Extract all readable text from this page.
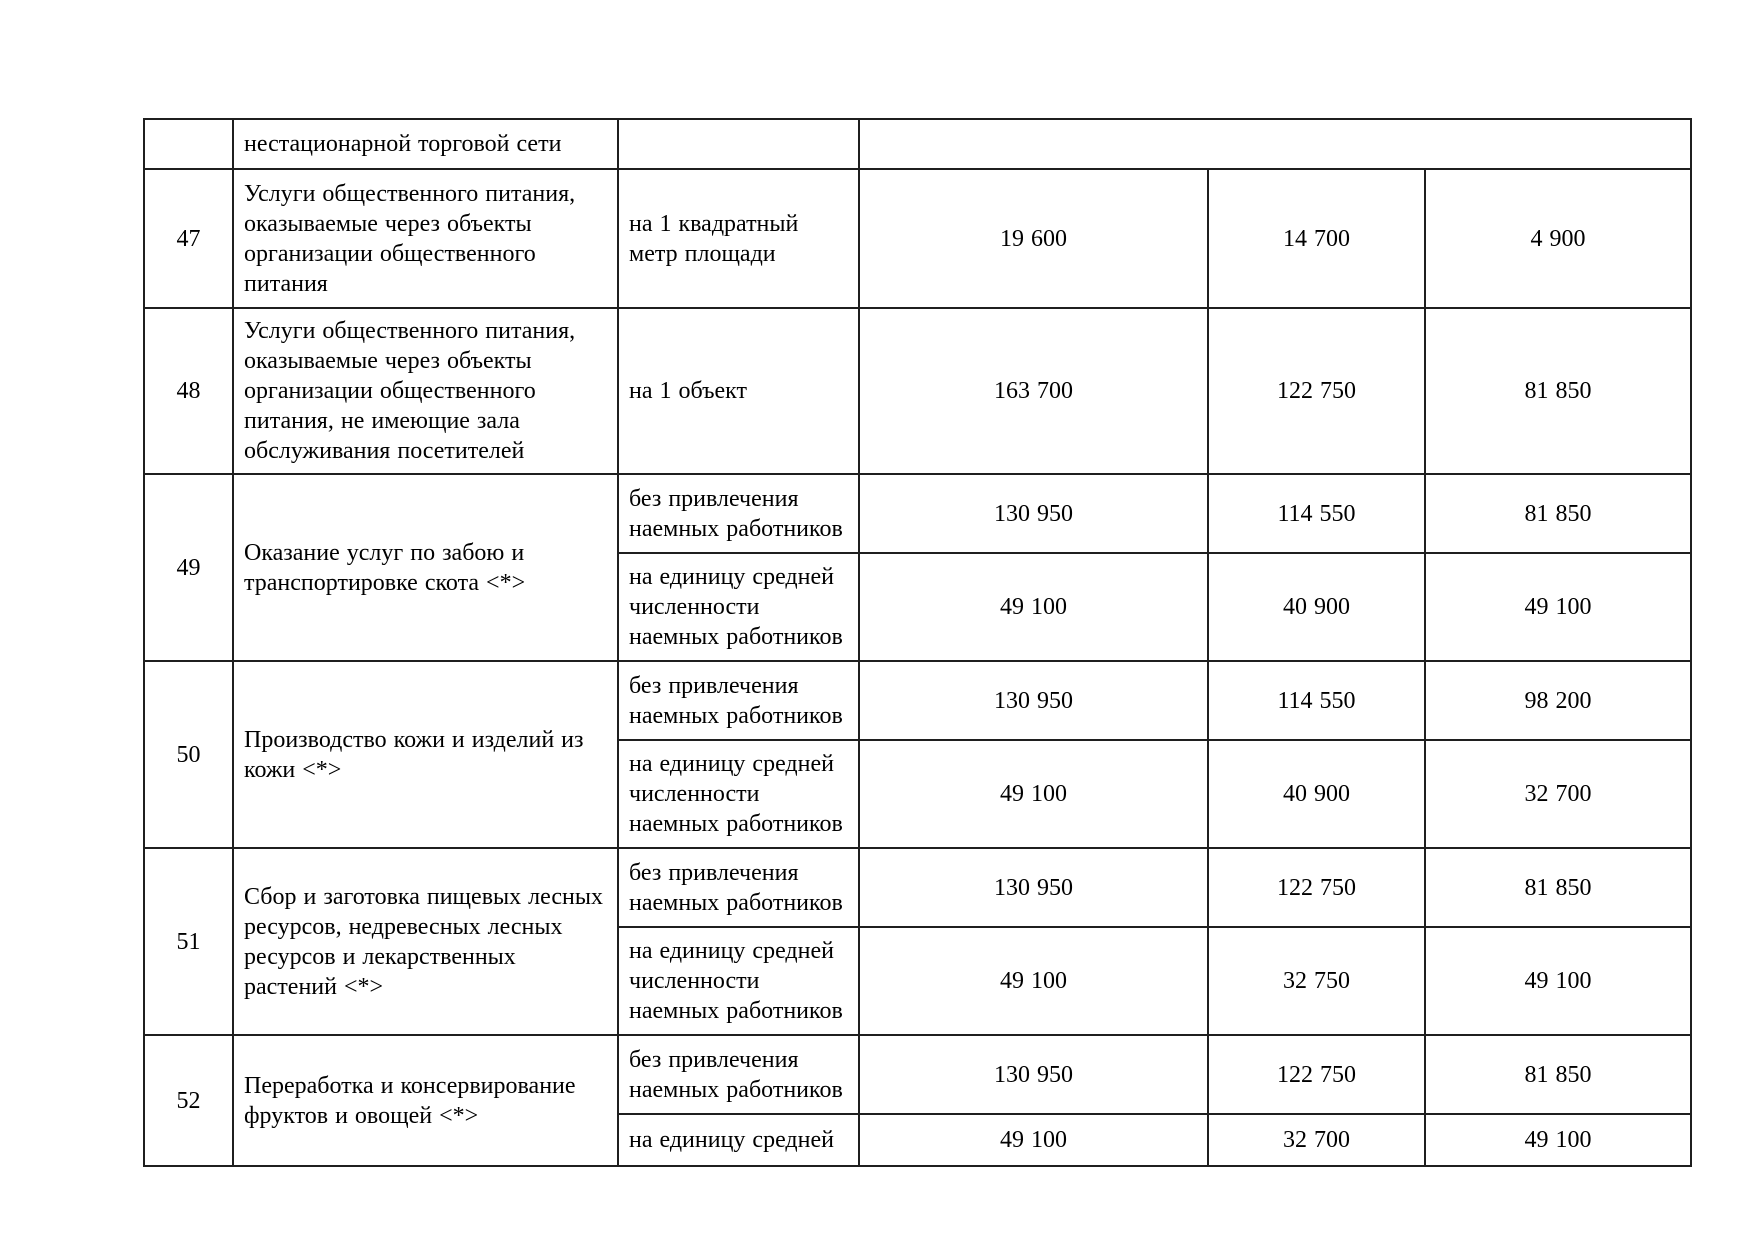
	нестационарной торговой сети				
47	Услуги общественного питания, оказываемые через объекты организации общественного питания	на 1 квадратный метр площади	19 600	14 700	4 900
48	Услуги общественного питания, оказываемые через объекты организации общественного питания, не имеющие зала обслуживания посетителей	на 1 объект	163 700	122 750	81 850
49	Оказание услуг по забою и транспортировке скота <*>	без привлечения наемных работников	130 950	114 550	81 850
		на единицу средней численности наемных работников	49 100	40 900	49 100
50	Производство кожи и изделий из кожи <*>	без привлечения наемных работников	130 950	114 550	98 200
		на единицу средней численности наемных работников	49 100	40 900	32 700
51	Сбор и заготовка пищевых лесных ресурсов, недревесных лесных ресурсов и лекарственных растений <*>	без привлечения наемных работников	130 950	122 750	81 850
		на единицу средней численности наемных работников	49 100	32 750	49 100
52	Переработка и консервирование фруктов и овощей <*>	без привлечения наемных работников	130 950	122 750	81 850
		на единицу средней	49 100	32 700	49 100
